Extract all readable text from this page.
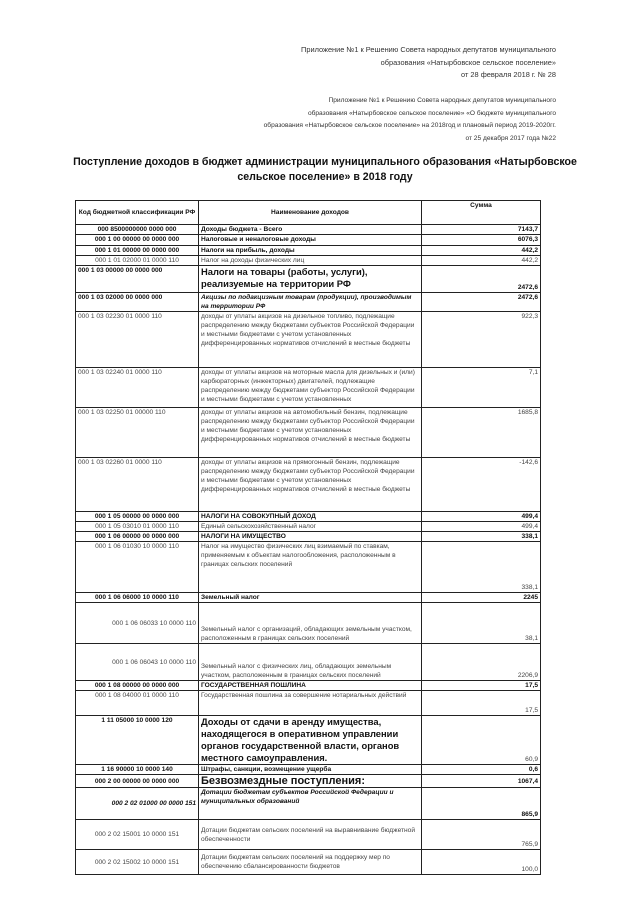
Приложение №1 к Решению Совета народных депутатов муниципального
образования «Натырбовское сельское поселение»
от 28 февраля 2018 г. № 28
Приложение №1 к Решению Совета народных депутатов муниципального
образования «Натырбовское сельское поселение» «О бюджете муниципального
образования «Натырбовское сельское поселение» на 2018год и плановый период 2019-2020гг.
от 25 декабря 2017 года №22
Поступление доходов в бюджет администрации муниципального образования «Натырбовское сельское поселение» в 2018 году
Код бюджетной классификации РФ	Наименование доходов	Сумма
000 8500000000 0000 000	Доходы бюджета - Всего	7143,7
000 1 00 00000 00 0000 000	Налоговые и неналоговые доходы	6076,3
000 1 01 00000 00 0000 000	Налоги на прибыль, доходы	442,2
000 1 01 02000 01 0000 110	Налог на доходы физических лиц	442,2
000 1 03 00000 00 0000 000	Налоги на товары (работы, услуги), реализуемые на территории РФ	2472,6
000 1 03 02000 00 0000 000	Акцизы по подакцизным товарам (продукции), производимым на территории РФ	2472,6
000 1 03 02230 01 0000 110	доходы от уплаты акцизов на дизельное топливо, подлежащие распределению между бюджетами субъектов Российской Федерации и местными бюджетами с учетом установленных дифференцированных нормативов отчислений в местные бюджеты	922,3
000 1 03 02240 01 0000 110	доходы от уплаты акцизов на моторные масла для дизельных и (или) карбюраторных (инжекторных) двигателей, подлежащие распределению между бюджетами субъектор Российской Федерации и местными бюджетами с учетом установленных	7,1
000 1 03 02250 01 00000 110	доходы от уплаты акцизов на автомобильный бензин, подлежащие распределению между бюджетами субъектор Российской Федерации и местными бюджетами с учетом установленных дифференцированных нормативов отчислений в местные бюджеты	1685,8
000 1 03 02260 01 0000 110	доходы от уплаты акцизов на прямогонный бензин, подлежащие распределению между бюджетами субъектор Российской Федерации и местными бюджетами с учетом установленных дифференцированных нормативов отчислений в местные бюджеты	-142,6
000 1 05 00000 00 0000 000	НАЛОГИ НА СОВОКУПНЫЙ ДОХОД	499,4
000 1 05 03010 01 0000 110	Единый сельскохозяйственный налог	499,4
000 1 06 00000 00 0000 000	НАЛОГИ НА ИМУЩЕСТВО	338,1
000 1 06 01030 10 0000 110	Налог на имущество физических лиц взимаемый по ставкам, применяемым к объектам налогообложения, расположенным в границах сельских поселений	338,1
000 1 06 06000 10 0000 110	Земельный налог	2245
000 1 06 06033 10 0000 110	Земельный налог с организаций, обладающих земельным участком, расположенным в границах сельских поселений	38,1
000 1 06 06043 10 0000 110	Земельный налог с физических лиц, обладающих земельным участком, расположенным в границах сельских поселений	2206,9
000 1 08 00000 00 0000 000	ГОСУДАРСТВЕННАЯ ПОШЛИНА	17,5
000 1 08 04000 01 0000 110	Государственная пошлина за совершение нотариальных действий	17,5
1 11 05000 10 0000 120	Доходы от сдачи в аренду имущества, находящегося в оперативном управлении органов государственной власти, органов местного самоуправления.	60,9
1 16 90000 10 0000 140	Штрафы, санкции, возмещение ущерба	0,6
000 2 00 00000 00 0000 000	Безвозмездные поступления:	1067,4
000 2 02 01000 00 0000 151	Дотации бюджетам субъектов Российской Федерации и муниципальных образований	865,9
000 2 02 15001 10 0000 151	Дотации бюджетам сельских поселений на выравнивание бюджетной обеспеченности	765,9
000 2 02 15002 10 0000 151	Дотации бюджетам сельских поселений на поддержку мер по обеспечению сбалансированности бюджетов	100,0
